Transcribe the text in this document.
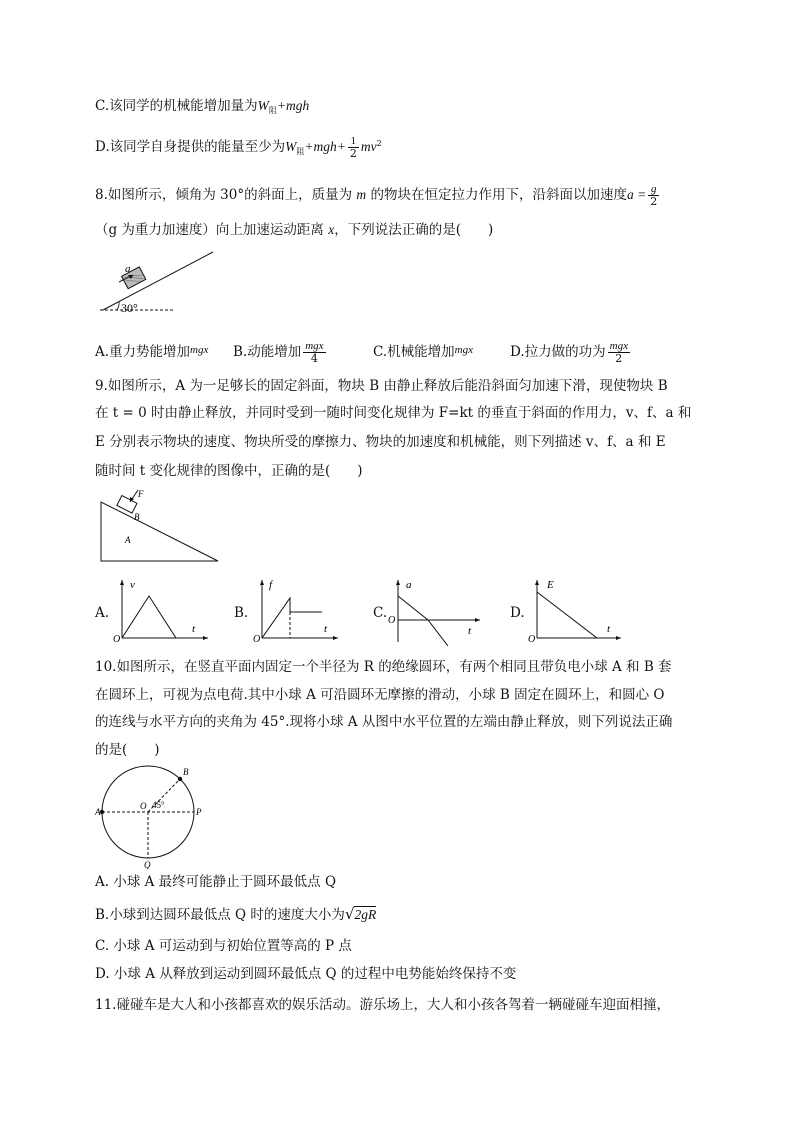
C.该同学的机械能增加量为$W_阻+mgh$
D.该同学自身提供的能量至少为$W_阻+mgh+ \frac{1}{2} mv^2$
8.如图所示，倾角为 30°的斜面上，质量为 m 的物块在恒定拉力作用下，沿斜面以加速度$a = \frac{g}{2}$
（g 为重力加速度）向上加速运动距离 x，下列说法正确的是(　　)
a
30°
A.重力势能增加$^{mgx}$ B.动能增加 $\frac{\text{mgx}}{4}$	C.机械能增加$^{mgx}$	D.拉力做的功为 $\frac{\text{mgx}}{2}$
9.如图所示，A 为一足够长的固定斜面，物块 B 由静止释放后能沿斜面匀加速下滑，现使物块 B
在 t = 0 时由静止释放，并同时受到一随时间变化规律为 F=kt 的垂直于斜面的作用力，v、f、a 和
E 分别表示物块的速度、物块所受的摩擦力、物块的加速度和机械能，则下列描述 v、f、a 和 E
随时间 t 变化规律的图像中，正确的是(　　)
F
B
A
A.
v
t
O
B.
f
t
O
C.
a
t
O	D.
E
t
O
10.如图所示，在竖直平面内固定一个半径为 R 的绝缘圆环，有两个相同且带负电小球 A 和 B 套
在圆环上，可视为点电荷.其中小球 A 可沿圆环无摩擦的滑动，小球 B 固定在圆环上，和圆心 O
的连线与水平方向的夹角为 45°.现将小球 A 从图中水平位置的左端由静止释放，则下列说法正确
的是(　　)
A
B
O 45°
P
Q
A. 小球 A 最终可能静止于圆环最低点 Q
B.小球到达圆环最低点 Q 时的速度大小为√2gR
C. 小球 A 可运动到与初始位置等高的 P 点
D. 小球 A 从释放到运动到圆环最低点 Q 的过程中电势能始终保持不变
11.碰碰车是大人和小孩都喜欢的娱乐活动。游乐场上，大人和小孩各驾着一辆碰碰车迎面相撞，
